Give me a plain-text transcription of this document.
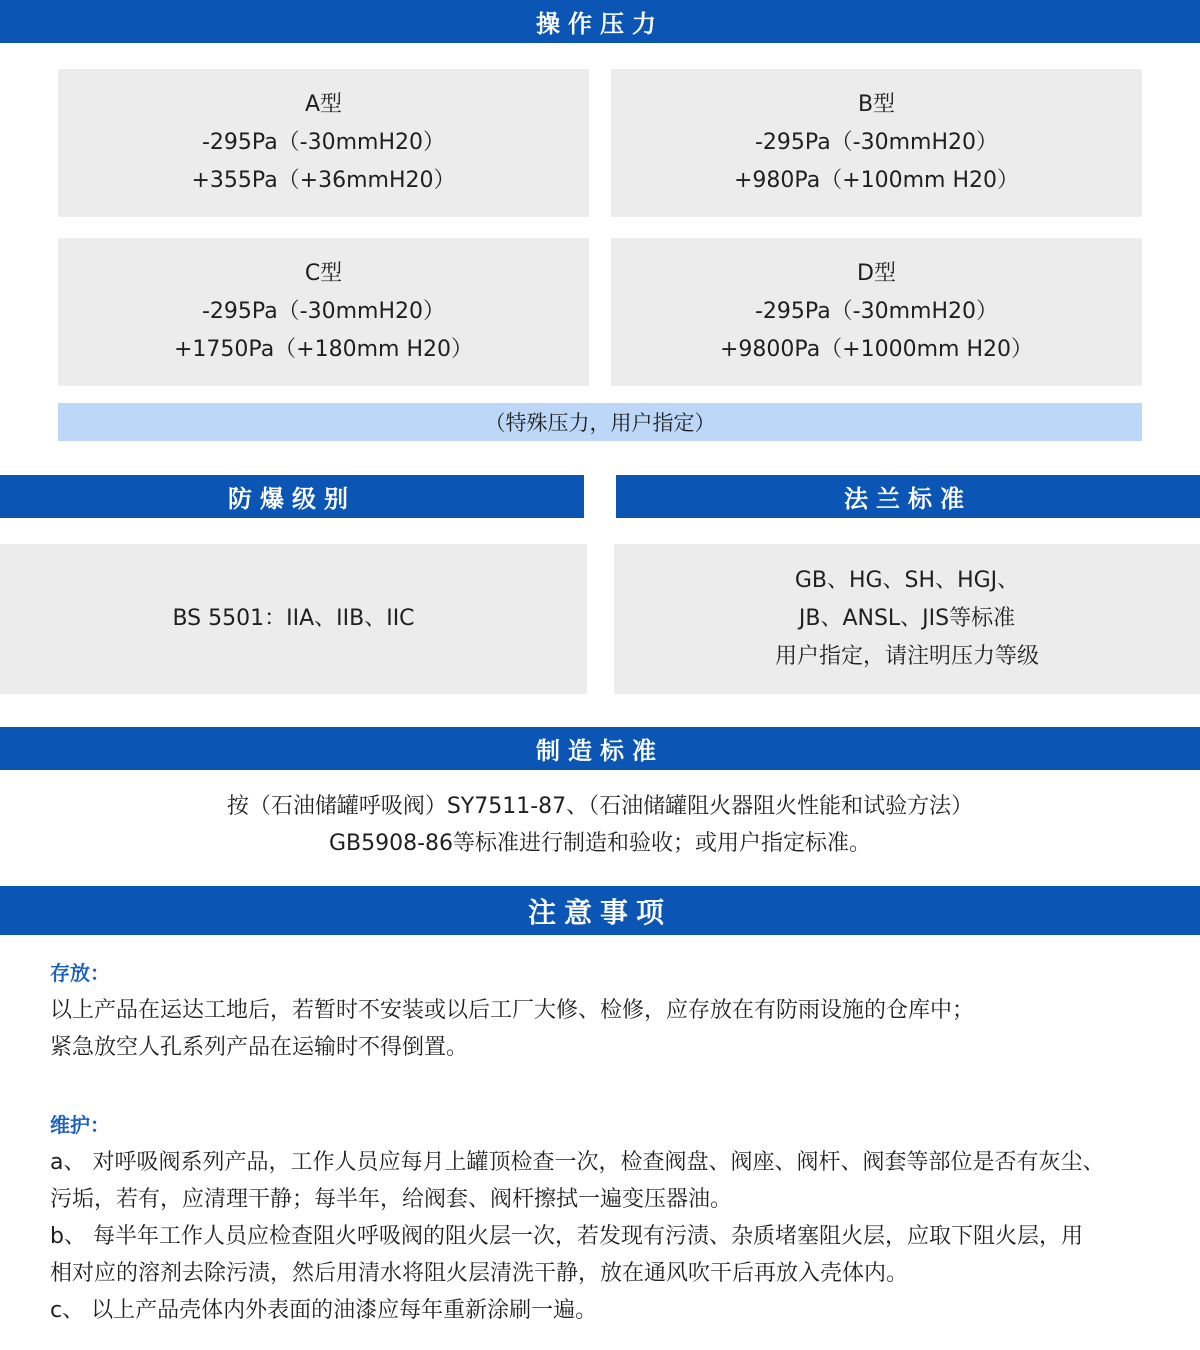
操作压力
A型
-295Pa（-30mmH20）
+355Pa（+36mmH20）
B型
-295Pa（-30mmH20）
+980Pa（+100mm H20）
C型
-295Pa（-30mmH20）
+1750Pa（+180mm H20）
D型
-295Pa（-30mmH20）
+9800Pa（+1000mm H20）
（特殊压力，用户指定）
防爆级别	法兰标准
BS 5501：IIA、IIB、IIC
GB、HG、SH、HGJ、
JB、ANSL、JIS等标准
用户指定，请注明压力等级
制造标准
按（石油储罐呼吸阀）SY7511-87、（石油储罐阻火器阻火性能和试验方法）
GB5908-86等标准进行制造和验收；或用户指定标准。
注意事项
存放：
以上产品在运达工地后，若暂时不安装或以后工厂大修、检修，应存放在有防雨设施的仓库中；
紧急放空人孔系列产品在运输时不得倒置。
维护：
a、 对呼吸阀系列产品，工作人员应每月上罐顶检查一次，检查阀盘、阀座、阀杆、阀套等部位是否有灰尘、
污垢，若有，应清理干静；每半年，给阀套、阀杆擦拭一遍变压器油。
b、 每半年工作人员应检查阻火呼吸阀的阻火层一次，若发现有污渍、杂质堵塞阻火层，应取下阻火层，用
相对应的溶剂去除污渍，然后用清水将阻火层清洗干静，放在通风吹干后再放入壳体内。
c、 以上产品壳体内外表面的油漆应每年重新涂刷一遍。
